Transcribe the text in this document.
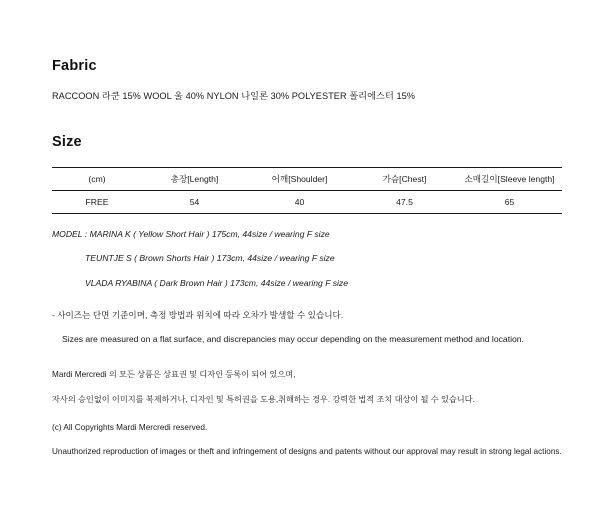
Fabric

RACCOON 라쿤 15% WOOL 울 40% NYLON 나일론 30% POLYESTER 폴리에스터 15%

Size
(cm)	총장[Length]	어깨[Shoulder]	가슴[Chest]	소매길이[Sleeve length]
FREE	54	40	47.5	65

MODEL : MARINA K ( Yellow Short Hair ) 175cm, 44size / wearing F size

TEUNTJE S ( Brown Shorts Hair ) 173cm, 44size / wearing F size

VLADA RYABINA ( Dark Brown Hair ) 173cm, 44size / wearing F size

- 사이즈는 단면 기준이며, 측정 방법과 위치에 따라 오차가 발생할 수 있습니다.

Sizes are measured on a flat surface, and discrepancies may occur depending on the measurement method and location.

Mardi Mercredi 의 모든 상품은 상표권 및 디자인 등록이 되어 있으며,

자사의 승인없이 이미지를 복제하거나, 디자인 및 특허권을 도용,취해하는 경우. 강력한 법적 조치 대상이 될 수 있습니다.

(c) All Copyrights Mardi Mercredi reserved.

Unauthorized reproduction of images or theft and infringement of designs and patents without our approval may result in strong legal actions.
